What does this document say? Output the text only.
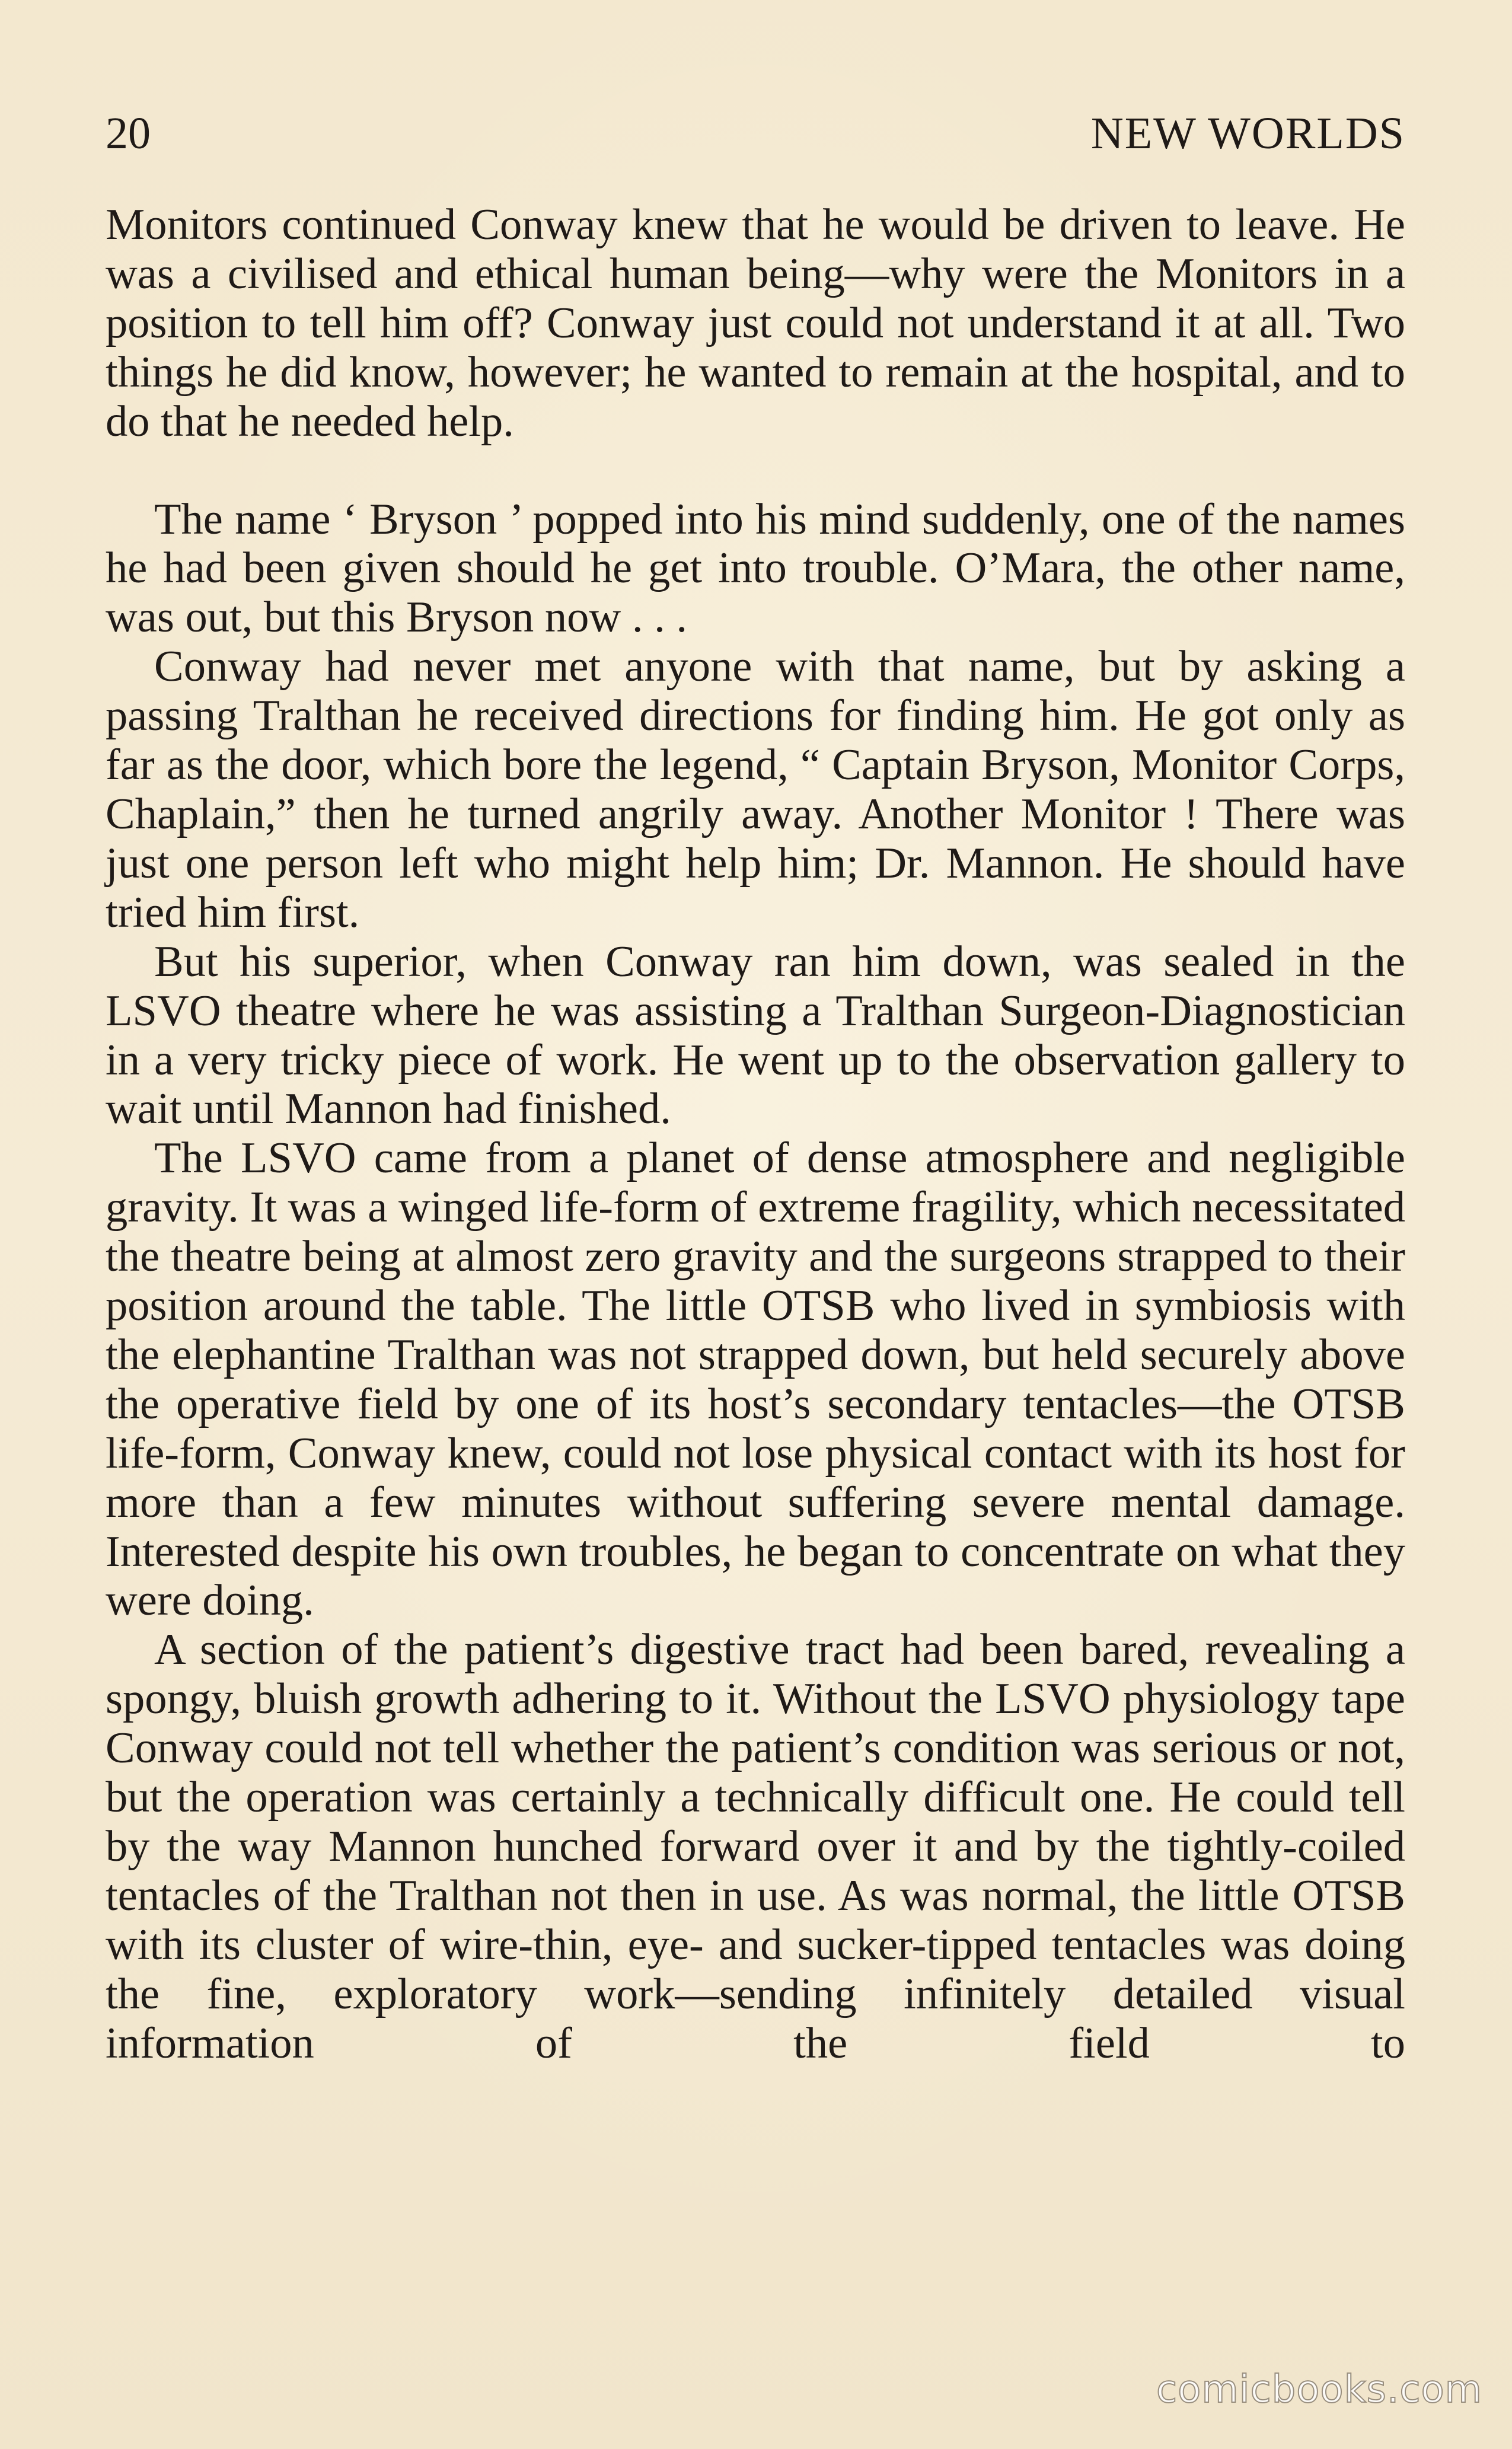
20	NEW WORLDS

Monitors continued Conway knew that he would be driven to leave. He was a civilised and ethical human being—why were the Monitors in a position to tell him off? Conway just could not understand it at all. Two things he did know, however; he wanted to remain at the hospital, and to do that he needed help.

The name ‘ Bryson ’ popped into his mind suddenly, one of the names he had been given should he get into trouble. O’Mara, the other name, was out, but this Bryson now . . .

Conway had never met anyone with that name, but by asking a passing Tralthan he received directions for finding him. He got only as far as the door, which bore the legend, “ Captain Bryson, Monitor Corps, Chaplain,” then he turned angrily away. Another Monitor ! There was just one person left who might help him; Dr. Mannon. He should have tried him first.

But his superior, when Conway ran him down, was sealed in the LSVO theatre where he was assisting a Tralthan Surgeon-Diagnostician in a very tricky piece of work. He went up to the observation gallery to wait until Mannon had finished.

The LSVO came from a planet of dense atmosphere and negligible gravity. It was a winged life-form of extreme fragility, which necessitated the theatre being at almost zero gravity and the surgeons strapped to their position around the table. The little OTSB who lived in symbiosis with the elephantine Tralthan was not strapped down, but held securely above the operative field by one of its host’s secondary tentacles—the OTSB life-form, Conway knew, could not lose physical contact with its host for more than a few minutes without suffering severe mental damage. Interested despite his own troubles, he began to concentrate on what they were doing.

A section of the patient’s digestive tract had been bared, revealing a spongy, bluish growth adhering to it. Without the LSVO physiology tape Conway could not tell whether the patient’s condition was serious or not, but the operation was certainly a technically difficult one. He could tell by the way Mannon hunched forward over it and by the tightly-coiled tentacles of the Tralthan not then in use. As was normal, the little OTSB with its cluster of wire-thin, eye- and sucker-tipped tentacles was doing the fine, exploratory work—sending infinitely detailed visual information of the field to

comicbooks.com
